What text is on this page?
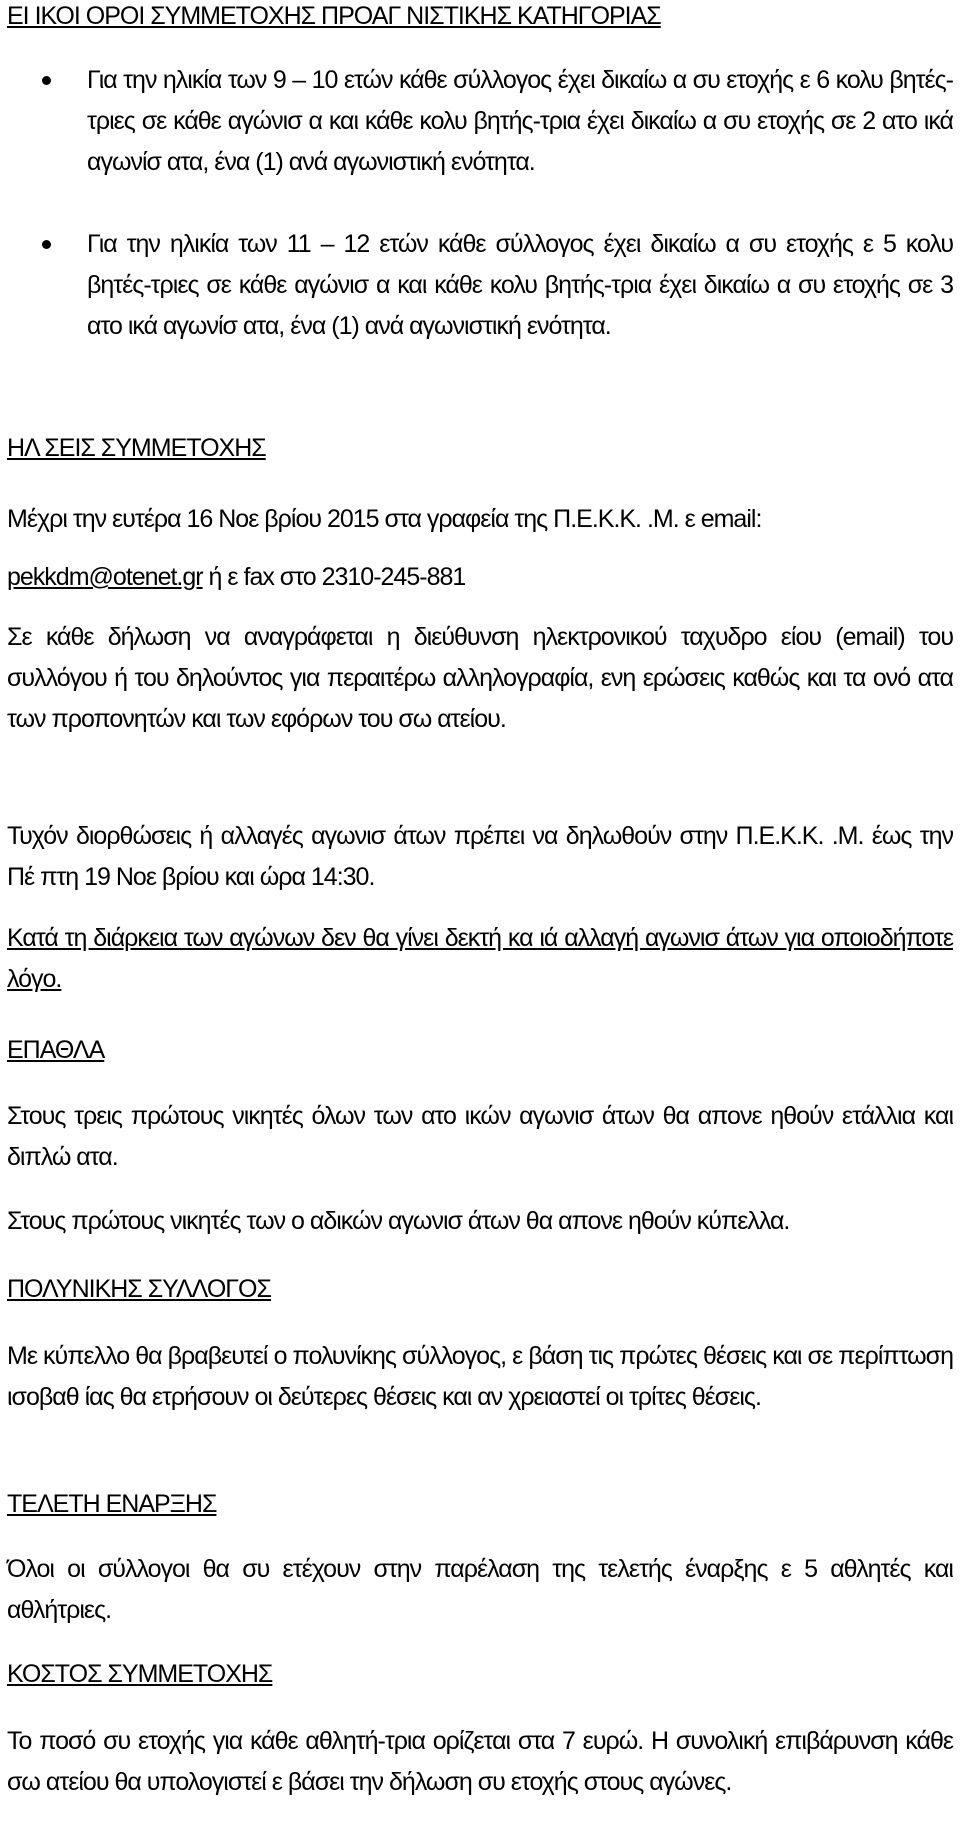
ΕΙ ΙΚΟΙ ΟΡΟΙ ΣΥΜΜΕΤΟΧΗΣ ΠΡΟΑΓ ΝΙΣΤΙΚΗΣ ΚΑΤΗΓΟΡΙΑΣ
Για την ηλικία των 9 – 10 ετών κάθε σύλλογος έχει δικαίω α συ ετοχής ε 6 κολυ βητές-τριες σε κάθε αγώνισ α και κάθε κολυ βητής-τρια έχει δικαίω α συ ετοχής σε 2 ατο ικά αγωνίσ ατα, ένα (1) ανά αγωνιστική ενότητα.
Για την ηλικία των 11 – 12 ετών κάθε σύλλογος έχει δικαίω α συ ετοχής ε 5 κολυ βητές-τριες σε κάθε αγώνισ α και κάθε κολυ βητής-τρια έχει δικαίω α συ ετοχής σε 3 ατο ικά αγωνίσ ατα, ένα (1) ανά αγωνιστική ενότητα.
ΗΛ ΣΕΙΣ ΣΥΜΜΕΤΟΧΗΣ

Μέχρι την ευτέρα 16 Νοε βρίου 2015 στα γραφεία της Π.Ε.Κ.Κ. .Μ. ε email:

pekkdm@otenet.gr ή ε fax στο 2310-245-881

Σε κάθε δήλωση να αναγράφεται η διεύθυνση ηλεκτρονικού ταχυδρο είου (email) του συλλόγου ή του δηλούντος για περαιτέρω αλληλογραφία, ενη ερώσεις καθώς και τα ονό ατα των προπονητών και των εφόρων του σω ατείου.

Τυχόν διορθώσεις ή αλλαγές αγωνισ άτων πρέπει να δηλωθούν στην Π.Ε.Κ.Κ. .Μ. έως την Πέ πτη 19 Νοε βρίου και ώρα 14:30.

Κατά τη διάρκεια των αγώνων δεν θα γίνει δεκτή κα ιά αλλαγή αγωνισ άτων για οποιοδήποτε λόγο.

ΕΠΑΘΛΑ

Στους τρεις πρώτους νικητές όλων των ατο ικών αγωνισ άτων θα απονε ηθούν ετάλλια και διπλώ ατα.

Στους πρώτους νικητές των ο αδικών αγωνισ άτων θα απονε ηθούν κύπελλα.

ΠΟΛΥΝΙΚΗΣ ΣΥΛΛΟΓΟΣ

Με κύπελλο θα βραβευτεί ο πολυνίκης σύλλογος, ε βάση τις πρώτες θέσεις και σε περίπτωση ισοβαθ ίας θα ετρήσουν οι δεύτερες θέσεις και αν χρειαστεί οι τρίτες θέσεις.

ΤΕΛΕΤΗ ΕΝΑΡΞΗΣ

Όλοι οι σύλλογοι θα συ ετέχουν στην παρέλαση της τελετής έναρξης ε 5 αθλητές και αθλήτριες.

ΚΟΣΤΟΣ ΣΥΜΜΕΤΟΧΗΣ

Το ποσό συ ετοχής για κάθε αθλητή-τρια ορίζεται στα 7 ευρώ. Η συνολική επιβάρυνση κάθε σω ατείου θα υπολογιστεί ε βάσει την δήλωση συ ετοχής στους αγώνες.
